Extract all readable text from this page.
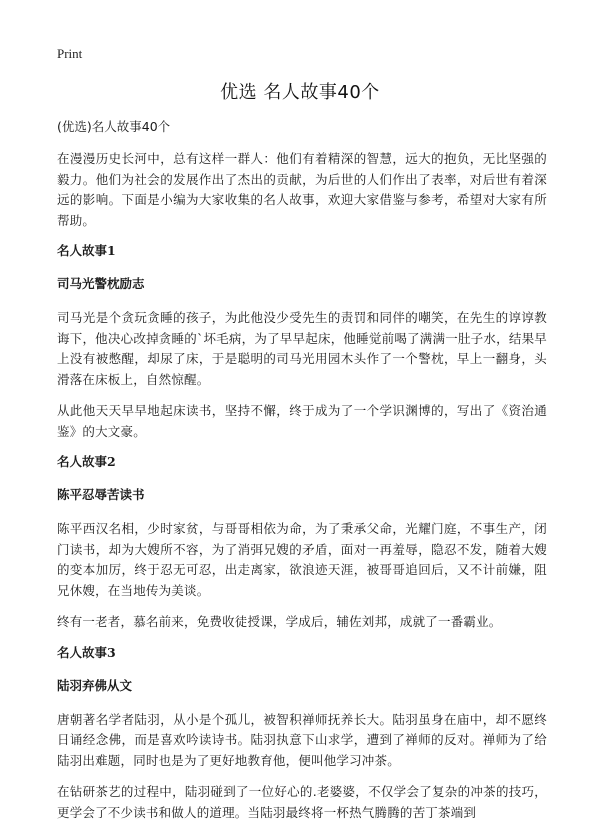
Print
优选 名人故事40个
(优选)名人故事40个

在漫漫历史长河中，总有这样一群人：他们有着精深的智慧，远大的抱负，无比坚强的毅力。他们为社会的发展作出了杰出的贡献，为后世的人们作出了表率，对后世有着深远的影响。下面是小编为大家收集的名人故事，欢迎大家借鉴与参考，希望对大家有所帮助。

名人故事1
司马光警枕励志

司马光是个贪玩贪睡的孩子，为此他没少受先生的责罚和同伴的嘲笑，在先生的谆谆教诲下，他决心改掉贪睡的`坏毛病，为了早早起床，他睡觉前喝了满满一肚子水，结果早上没有被憋醒，却尿了床，于是聪明的司马光用园木头作了一个警枕，早上一翻身，头滑落在床板上，自然惊醒。

从此他天天早早地起床读书，坚持不懈，终于成为了一个学识渊博的，写出了《资治通鉴》的大文豪。

名人故事2
陈平忍辱苦读书

陈平西汉名相，少时家贫，与哥哥相依为命，为了秉承父命，光耀门庭，不事生产，闭门读书，却为大嫂所不容，为了消弭兄嫂的矛盾，面对一再羞辱，隐忍不发，随着大嫂的变本加厉，终于忍无可忍，出走离家，欲浪迹天涯，被哥哥追回后，又不计前嫌，阻兄休嫂，在当地传为美谈。

终有一老者，慕名前来，免费收徒授课，学成后，辅佐刘邦，成就了一番霸业。

名人故事3
陆羽弃佛从文

唐朝著名学者陆羽，从小是个孤儿，被智积禅师抚养长大。陆羽虽身在庙中，却不愿终日诵经念佛，而是喜欢吟读诗书。陆羽执意下山求学，遭到了禅师的反对。禅师为了给陆羽出难题，同时也是为了更好地教育他，便叫他学习冲茶。

在钻研茶艺的过程中，陆羽碰到了一位好心的.老婆婆，不仅学会了复杂的冲茶的技巧，更学会了不少读书和做人的道理。当陆羽最终将一杯热气腾腾的苦丁茶端到
